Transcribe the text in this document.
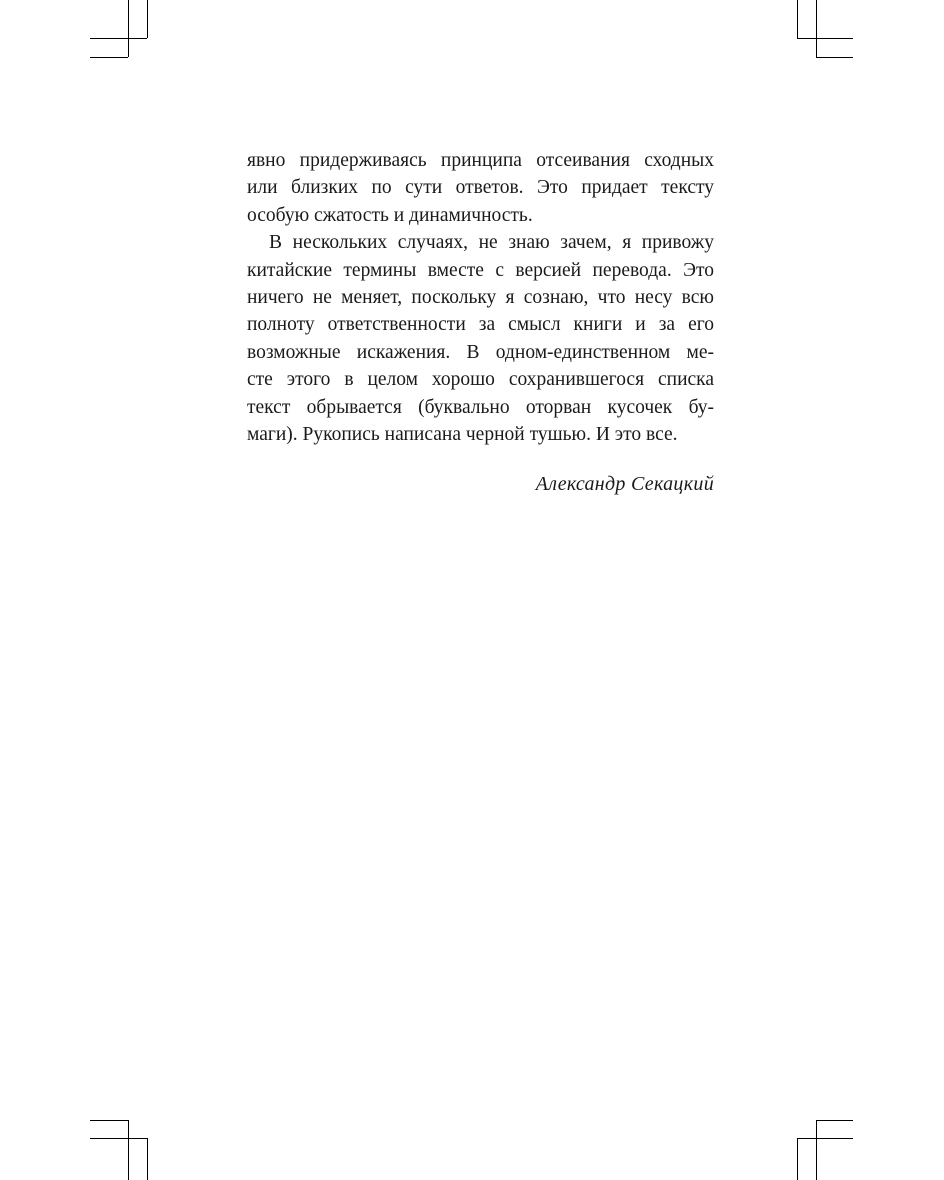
явно придерживаясь принципа отсеивания сходных
или близких по сути ответов. Это придает тексту
особую сжатость и динамичность.

В нескольких случаях, не знаю зачем, я привожу
китайские термины вместе с версией перевода. Это
ничего не меняет, поскольку я сознаю, что несу всю
полноту ответственности за смысл книги и за его
возможные искажения. В одном-единственном ме-
сте этого в целом хорошо сохранившегося списка
текст обрывается (буквально оторван кусочек бу-
маги). Рукопись написана черной тушью. И это все.

Александр Секацкий
